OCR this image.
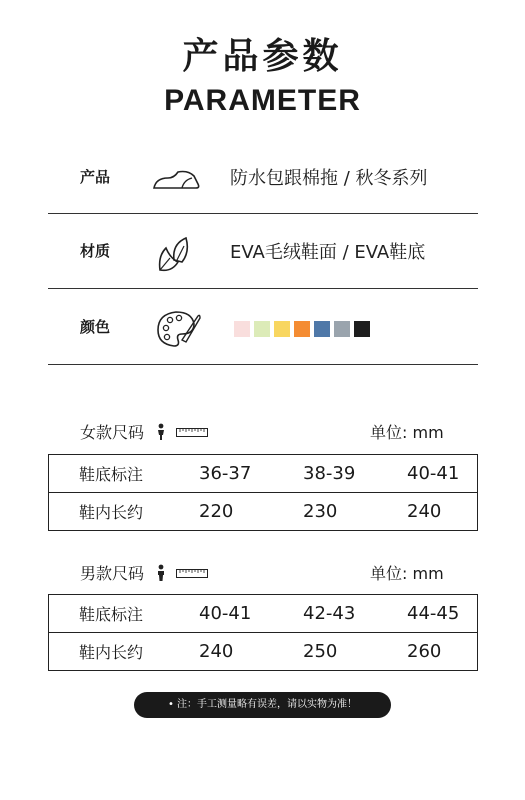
产品参数
PARAMETER
产品	防水包跟棉拖 / 秋冬系列
材质	EVA毛绒鞋面 / EVA鞋底
颜色
女款尺码	单位: mm
鞋底标注	36-37	38-39	40-41
鞋内长约	220	230	240
男款尺码	单位: mm
鞋底标注	40-41	42-43	44-45
鞋内长约	240	250	260
• 注：手工测量略有误差，请以实物为准！
